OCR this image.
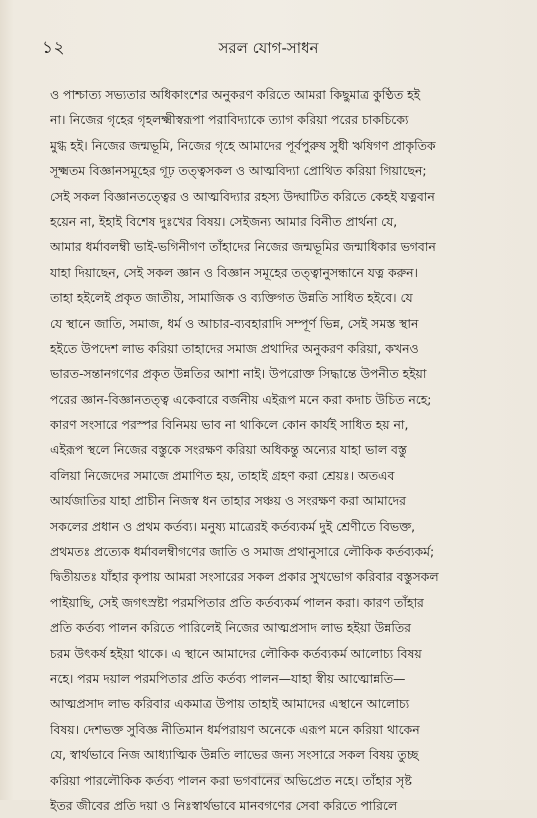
১২	সরল যোগ-সাধন
ও পাশ্চাত্য সভ্যতার অধিকাংশের অনুকরণ করিতে আমরা কিছুমাত্র কুণ্ঠিত হই
না। নিজের গৃহের গৃহলক্ষ্মীস্বরূপা পরাবিদ্যাকে ত্যাগ করিয়া পরের চাকচিক্যে
মুগ্ধ হই। নিজের জন্মভূমি, নিজের গৃহে আমাদের পূর্বপুরুষ সুধী ঋষিগণ প্রাকৃতিক
সূক্ষ্মতম বিজ্ঞানসমূহের গূঢ় তত্ত্বসকল ও আত্মবিদ্যা প্রোথিত করিয়া গিয়াছেন;
সেই সকল বিজ্ঞানতত্ত্বের ও আত্মবিদ্যার রহস্য উদ্ঘাটিত করিতে কেহই যত্নবান
হয়েন না, ইহাই বিশেষ দুঃখের বিষয়। সেইজন্য আমার বিনীত প্রার্থনা যে,
আমার ধর্মাবলম্বী ভাই-ভগিনীগণ তাঁহাদের নিজের জন্মভূমির জন্মাধিকার ভগবান
যাহা দিয়াছেন, সেই সকল জ্ঞান ও বিজ্ঞান সমূহের তত্ত্বানুসন্ধানে যত্ন করুন।
তাহা হইলেই প্রকৃত জাতীয়, সামাজিক ও ব্যক্তিগত উন্নতি সাধিত হইবে। যে
যে স্থানে জাতি, সমাজ, ধর্ম ও আচার-ব্যবহারাদি সম্পূর্ণ ভিন্ন, সেই সমস্ত স্থান
হইতে উপদেশ লাভ করিয়া তাহাদের সমাজ প্রথাদির অনুকরণ করিয়া, কখনও
ভারত-সন্তানগণের প্রকৃত উন্নতির আশা নাই। উপরোক্ত সিদ্ধান্তে উপনীত হইয়া
পরের জ্ঞান-বিজ্ঞানতত্ত্ব একেবারে বর্জনীয় এইরূপ মনে করা কদাচ উচিত নহে;
কারণ সংসারে পরস্পর বিনিময় ভাব না থাকিলে কোন কার্যই সাধিত হয় না,
এইরূপ স্থলে নিজের বস্তুকে সংরক্ষণ করিয়া অধিকন্তু অন্যের যাহা ভাল বস্তু
বলিয়া নিজেদের সমাজে প্রমাণিত হয়, তাহাই গ্রহণ করা শ্রেয়ঃ। অতএব
আর্যজাতির যাহা প্রাচীন নিজস্ব ধন তাহার সঞ্চয় ও সংরক্ষণ করা আমাদের
সকলের প্রধান ও প্রথম কর্তব্য। মনুষ্য মাত্রেরই কর্তব্যকর্ম দুই শ্রেণীতে বিভক্ত,
প্রথমতঃ প্রত্যেক ধর্মাবলম্বীগণের জাতি ও সমাজ প্রথানুসারে লৌকিক কর্তব্যকর্ম;
দ্বিতীয়তঃ যাঁহার কৃপায় আমরা সংসারের সকল প্রকার সুখভোগ করিবার বস্তুসকল
পাইয়াছি, সেই জগৎস্রষ্টা পরমপিতার প্রতি কর্তব্যকর্ম পালন করা। কারণ তাঁহার
প্রতি কর্তব্য পালন করিতে পারিলেই নিজের আত্মপ্রসাদ লাভ হইয়া উন্নতির
চরম উৎকর্ষ হইয়া থাকে। এ স্থানে আমাদের লৌকিক কর্তব্যকর্ম আলোচ্য বিষয়
নহে। পরম দয়াল পরমপিতার প্রতি কর্তব্য পালন—যাহা স্বীয় আত্মোন্নতি—
আত্মপ্রসাদ লাভ করিবার একমাত্র উপায় তাহাই আমাদের এস্থানে আলোচ্য
বিষয়। দেশভক্ত সুবিজ্ঞ নীতিমান ধর্মপরায়ণ অনেকে এরূপ মনে করিয়া থাকেন
যে, স্বার্থভাবে নিজ আধ্যাত্মিক উন্নতি লাভের জন্য সংসারে সকল বিষয় তুচ্ছ
করিয়া পারলৌকিক কর্তব্য পালন করা ভগবানের অভিপ্রেত নহে। তাঁহার সৃষ্ট
ইতর জীবের প্রতি দয়া ও নিঃস্বার্থভাবে মানবগণের সেবা করিতে পারিলে
